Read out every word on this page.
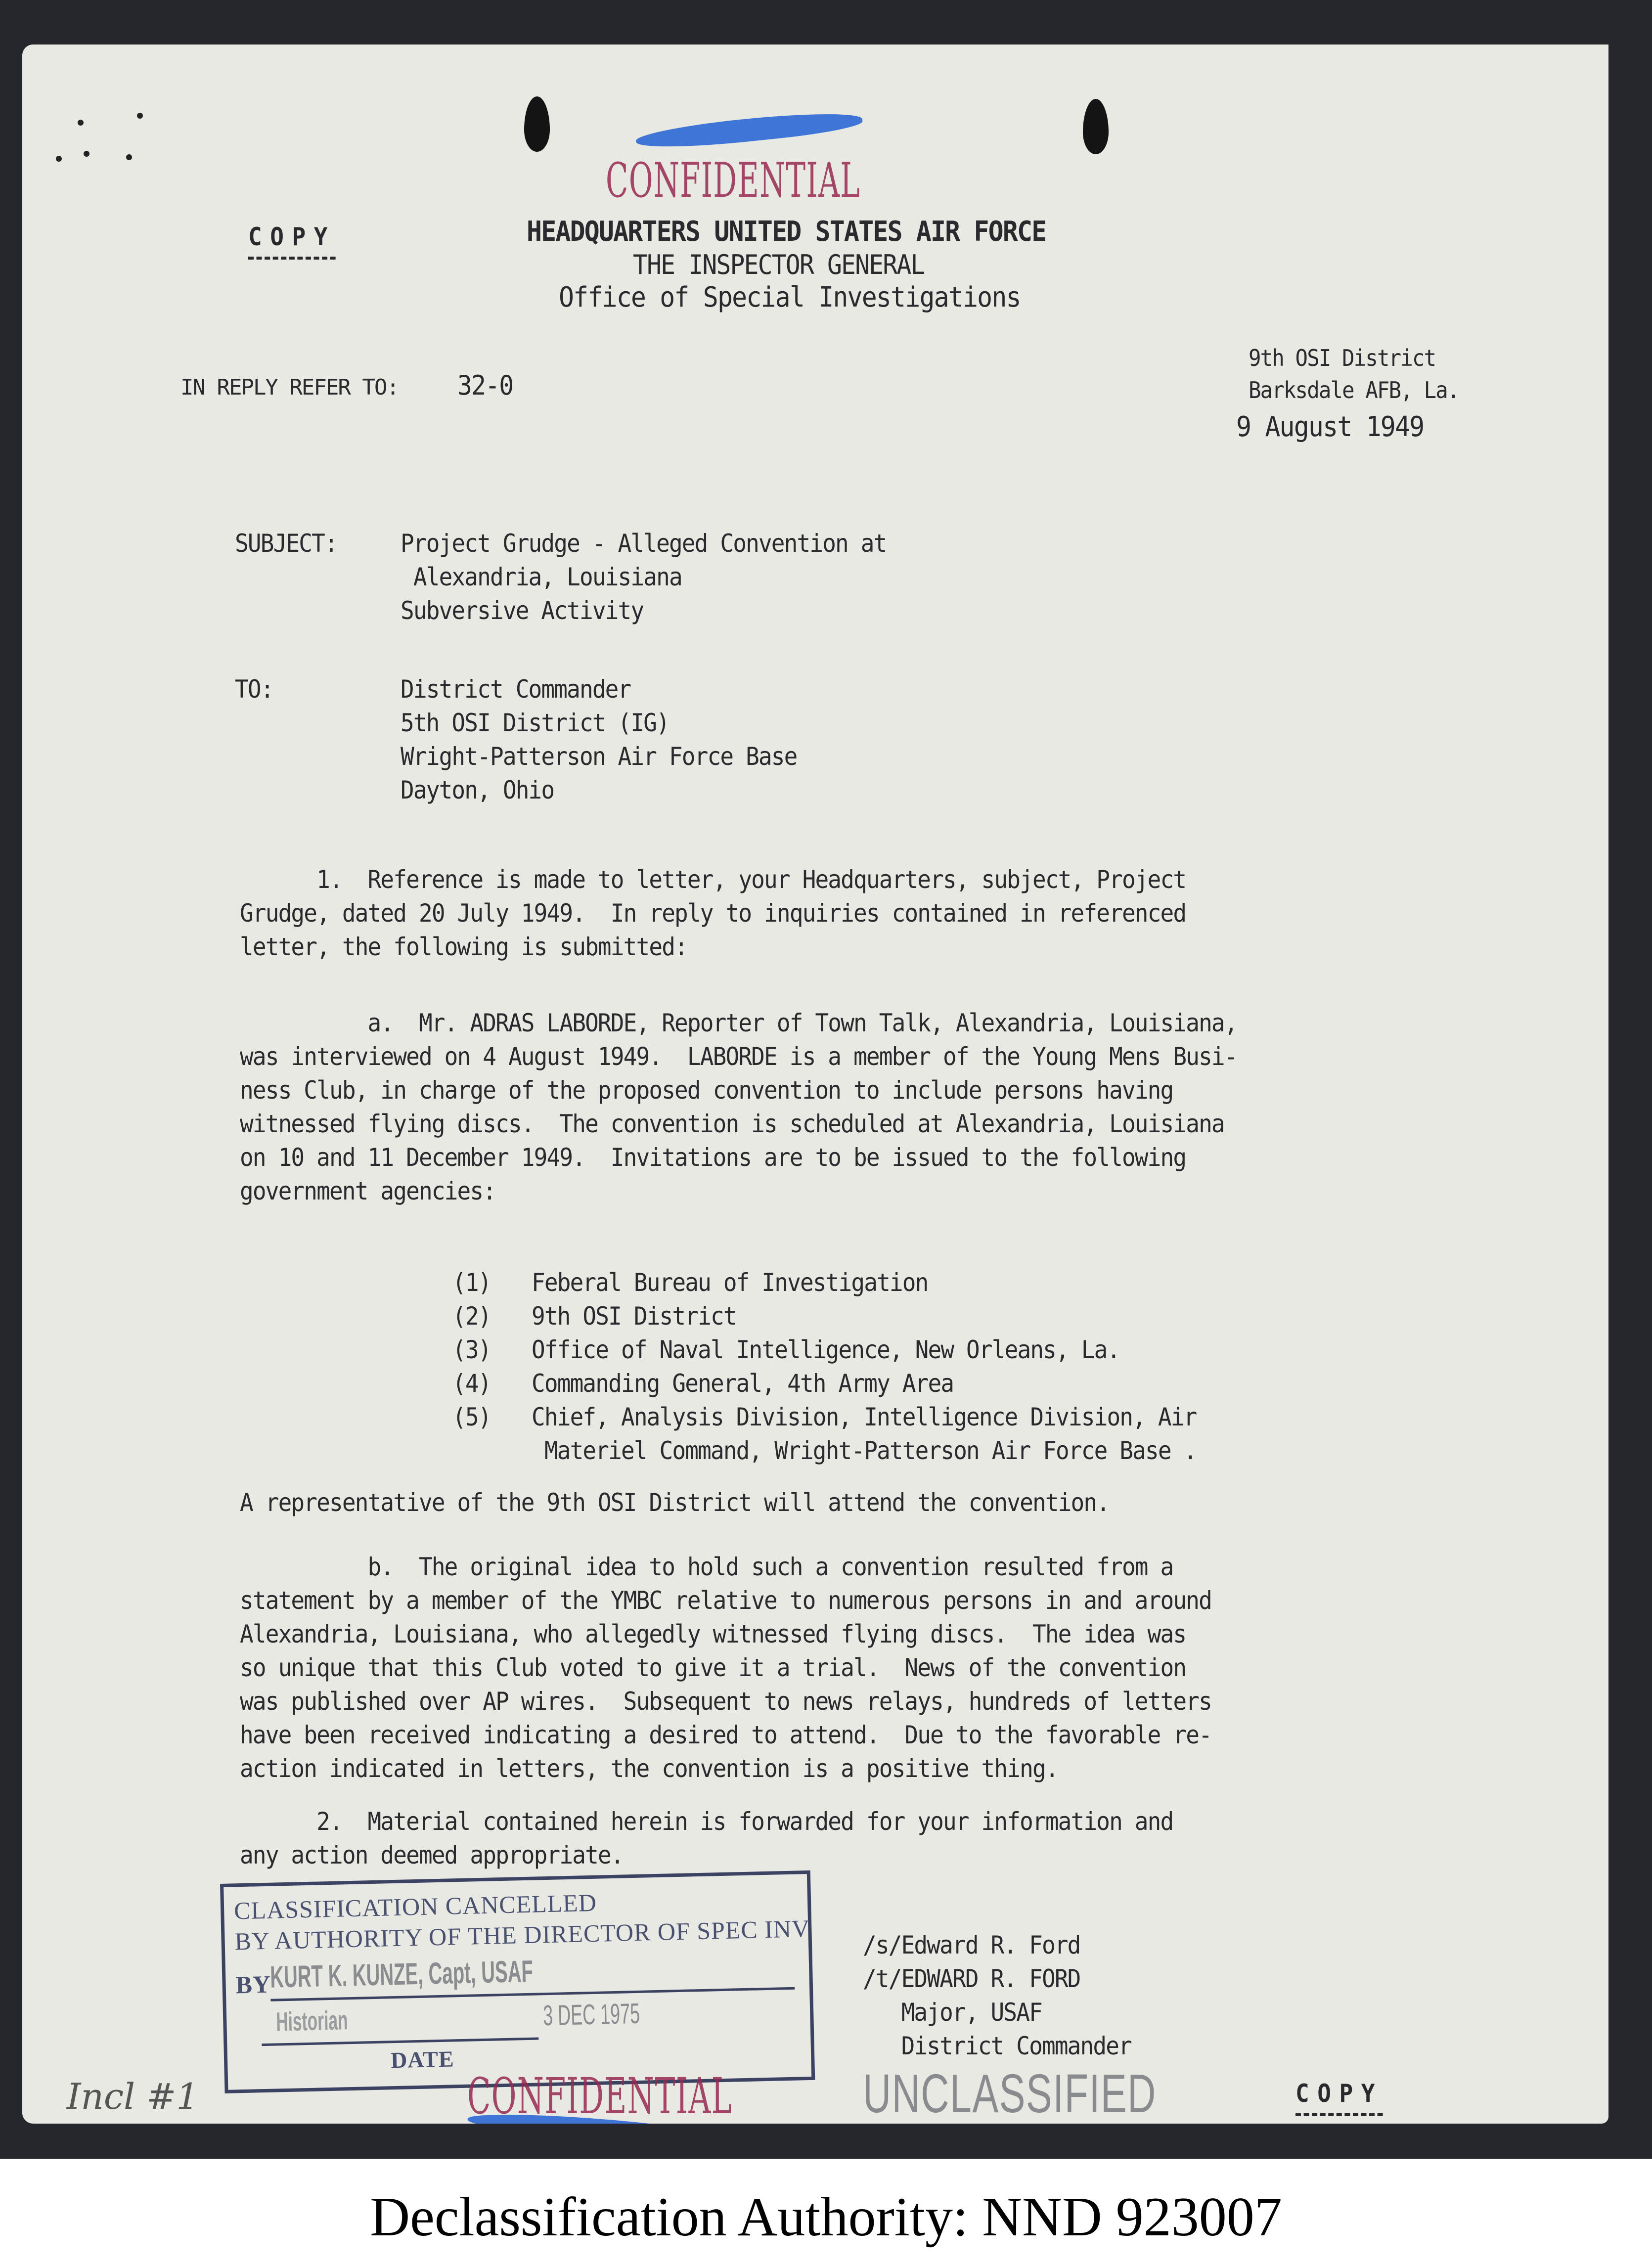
CONFIDENTIAL
COPY	HEADQUARTERS UNITED STATES AIR FORCE
THE INSPECTOR GENERAL
Office of Special Investigations
IN REPLY REFER TO: 32-0
9th OSI District
Barksdale AFB, La.
9 August 1949
SUBJECT:	Project Grudge - Alleged Convention at
Alexandria, Louisiana
Subversive Activity
TO:	District Commander
5th OSI District (IG)
Wright-Patterson Air Force Base
Dayton, Ohio
1.  Reference is made to letter, your Headquarters, subject, Project
Grudge, dated 20 July 1949.  In reply to inquiries contained in referenced
letter, the following is submitted:
a.  Mr. ADRAS LABORDE, Reporter of Town Talk, Alexandria, Louisiana,
was interviewed on 4 August 1949.  LABORDE is a member of the Young Mens Busi-
ness Club, in charge of the proposed convention to include persons having
witnessed flying discs.  The convention is scheduled at Alexandria, Louisiana
on 10 and 11 December 1949.  Invitations are to be issued to the following
government agencies:
(1) Feberal Bureau of Investigation
(2) 9th OSI District
(3) Office of Naval Intelligence, New Orleans, La.
(4) Commanding General, 4th Army Area
(5) Chief, Analysis Division, Intelligence Division, Air
Materiel Command, Wright-Patterson Air Force Base .
A representative of the 9th OSI District will attend the convention.
b.  The original idea to hold such a convention resulted from a
statement by a member of the YMBC relative to numerous persons in and around
Alexandria, Louisiana, who allegedly witnessed flying discs.  The idea was
so unique that this Club voted to give it a trial.  News of the convention
was published over AP wires.  Subsequent to news relays, hundreds of letters
have been received indicating a desired to attend.  Due to the favorable re-
action indicated in letters, the convention is a positive thing.
2.  Material contained herein is forwarded for your information and
any action deemed appropriate.
CLASSIFICATION CANCELLED
BY AUTHORITY OF THE DIRECTOR OF SPEC INV
BY
KURT K. KUNZE, Capt, USAF
Historian	3 DEC 1975
DATE
CONFIDENTIAL
/s/Edward R. Ford
/t/EDWARD R. FORD
Major, USAF
District Commander
UNCLASSIFIED	COPY
Incl #1
Declassification Authority: NND 923007
